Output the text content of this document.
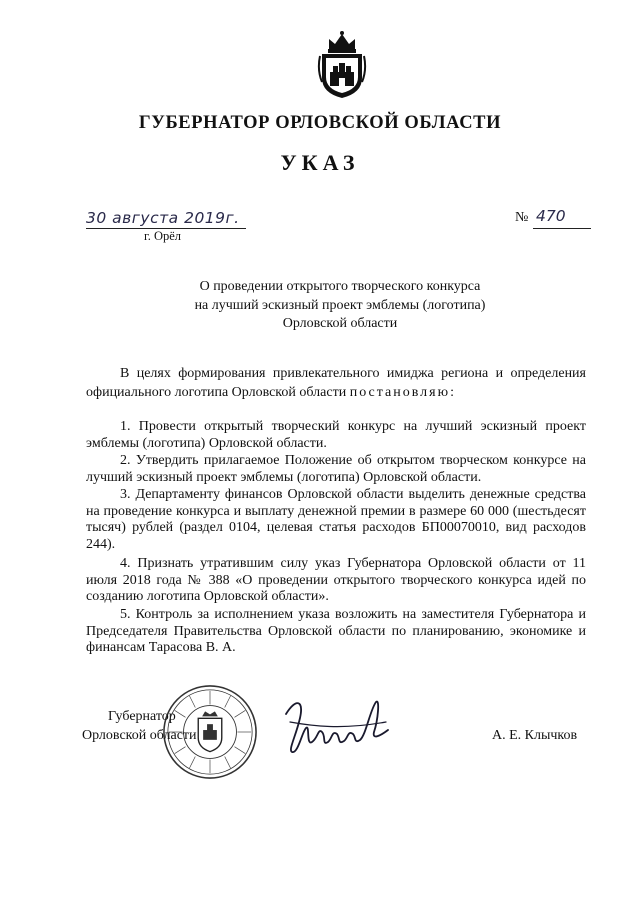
ГУБЕРНАТОР ОРЛОВСКОЙ ОБЛАСТИ
УКАЗ
30 августа 2019г.
г. Орёл
№ 470
О проведении открытого творческого конкурса
на лучший эскизный проект эмблемы (логотипа)
Орловской области

В целях формирования привлекательного имиджа региона и определения официального логотипа Орловской области постановляю:

1. Провести открытый творческий конкурс на лучший эскизный проект эмблемы (логотипа) Орловской области.

2. Утвердить прилагаемое Положение об открытом творческом конкурсе на лучший эскизный проект эмблемы (логотипа) Орловской области.

3. Департаменту финансов Орловской области выделить денежные средства на проведение конкурса и выплату денежной премии в размере 60 000 (шестьдесят тысяч) рублей (раздел 0104, целевая статья расходов БП00070010, вид расходов 244).

4. Признать утратившим силу указ Губернатора Орловской области от 11 июля 2018 года № 388 «О проведении открытого творческого конкурса идей по созданию логотипа Орловской области».

5. Контроль за исполнением указа возложить на заместителя Губернатора и Председателя Правительства Орловской области по планированию, экономике и финансам Тарасова В. А.

Губернатор
Орловской области	А. Е. Клычков
